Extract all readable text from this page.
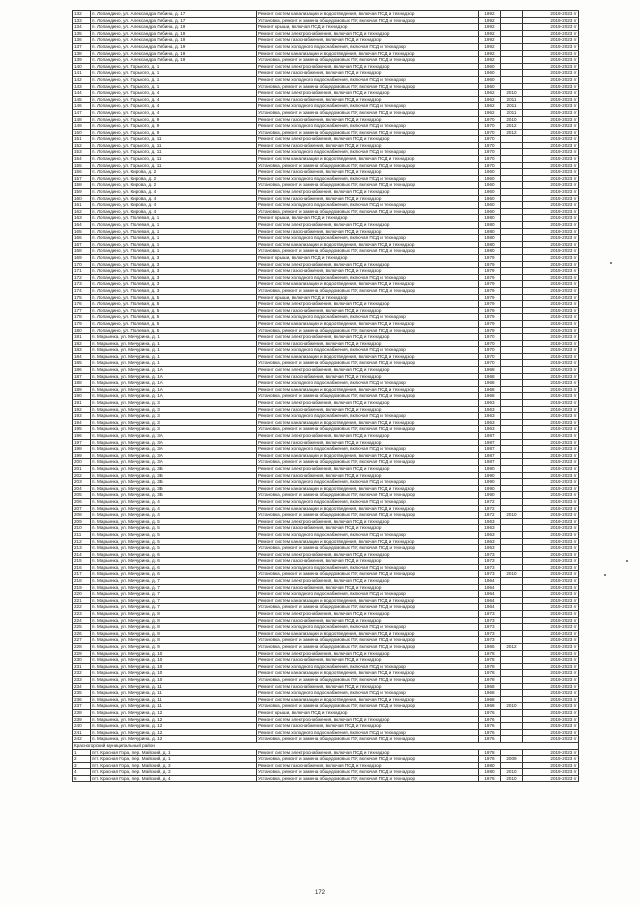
132	п. Лопандино, ул. Александра Гибина, д. 17	Ремонт систем канализации и водоотведения, включая ПСД и технадзор	1992		2019-2023 гг
133	п. Лопандино, ул. Александра Гибина, д. 17	Установка, ремонт и замена общедомовых ПУ, включая ПСД и технадзор	1992		2019-2023 гг
134	п. Лопандино, ул. Александра Гибина, д. 19	Ремонт крыши, включая ПСД и технадзор	1992		2019-2023 гг
135	п. Лопандино, ул. Александра Гибина, д. 19	Ремонт систем электроснабжения, включая ПСД и технадзор	1992		2019-2023 гг
136	п. Лопандино, ул. Александра Гибина, д. 19	Ремонт систем газоснабжения, включая ПСД и технадзор	1992		2019-2023 гг
137	п. Лопандино, ул. Александра Гибина, д. 19	Ремонт систем холодного водоснабжения, включая ПСД и технадзор	1992		2019-2023 гг
138	п. Лопандино, ул. Александра Гибина, д. 19	Ремонт систем канализации и водоотведения, включая ПСД и технадзор	1992		2019-2023 гг
139	п. Лопандино, ул. Александра Гибина, д. 19	Установка, ремонт и замена общедомовых ПУ, включая ПСД и технадзор	1992		2019-2023 гг
140	п. Лопандино, ул. Горького, д. 1	Ремонт систем электроснабжения, включая ПСД и технадзор	1960		2019-2023 гг
141	п. Лопандино, ул. Горького, д. 1	Ремонт систем газоснабжения, включая ПСД и технадзор	1960		2019-2023 гг
142	п. Лопандино, ул. Горького, д. 1	Ремонт систем холодного водоснабжения, включая ПСД и технадзор	1960		2019-2023 гг
143	п. Лопандино, ул. Горького, д. 1	Установка, ремонт и замена общедомовых ПУ, включая ПСД и технадзор	1960		2019-2023 гг
144	п. Лопандино, ул. Горького, д. 4	Ремонт систем электроснабжения, включая ПСД и технадзор	1962	2010	2019-2023 гг
145	п. Лопандино, ул. Горького, д. 4	Ремонт систем газоснабжения, включая ПСД и технадзор	1962	2011	2019-2023 гг
146	п. Лопандино, ул. Горького, д. 4	Ремонт систем холодного водоснабжения, включая ПСД и технадзор	1962	2011	2019-2023 гг
147	п. Лопандино, ул. Горького, д. 4	Установка, ремонт и замена общедомовых ПУ, включая ПСД и технадзор	1962	2011	2019-2023 гг
148	п. Лопандино, ул. Горького, д. 9	Ремонт систем газоснабжения, включая ПСД и технадзор	1970	2010	2019-2023 гг
149	п. Лопандино, ул. Горького, д. 9	Ремонт систем холодного водоснабжения, включая ПСД и технадзор	1970	2012	2019-2023 гг
150	п. Лопандино, ул. Горького, д. 9	Установка, ремонт и замена общедомовых ПУ, включая ПСД и технадзор	1970	2012	2019-2023 гг
151	п. Лопандино, ул. Горького, д. 11	Ремонт систем электроснабжения, включая ПСД и технадзор	1970		2019-2023 гг
152	п. Лопандино, ул. Горького, д. 11	Ремонт систем газоснабжения, включая ПСД и технадзор	1970		2019-2023 гг
153	п. Лопандино, ул. Горького, д. 11	Ремонт систем холодного водоснабжения, включая ПСД и технадзор	1970		2019-2023 гг
154	п. Лопандино, ул. Горького, д. 11	Ремонт систем канализации и водоотведения, включая ПСД и технадзор	1970		2019-2023 гг
155	п. Лопандино, ул. Горького, д. 11	Установка, ремонт и замена общедомовых ПУ, включая ПСД и технадзор	1970		2019-2023 гг
156	п. Лопандино, ул. Кирова, д. 2	Ремонт систем газоснабжения, включая ПСД и технадзор	1960		2019-2023 гг
157	п. Лопандино, ул. Кирова, д. 2	Ремонт систем холодного водоснабжения, включая ПСД и технадзор	1960		2019-2023 гг
158	п. Лопандино, ул. Кирова, д. 2	Установка, ремонт и замена общедомовых ПУ, включая ПСД и технадзор	1960		2019-2023 гг
159	п. Лопандино, ул. Кирова, д. 4	Ремонт систем электроснабжения, включая ПСД и технадзор	1960		2019-2023 гг
160	п. Лопандино, ул. Кирова, д. 4	Ремонт систем газоснабжения, включая ПСД и технадзор	1960		2019-2023 гг
161	п. Лопандино, ул. Кирова, д. 4	Ремонт систем холодного водоснабжения, включая ПСД и технадзор	1960		2019-2023 гг
162	п. Лопандино, ул. Кирова, д. 4	Установка, ремонт и замена общедомовых ПУ, включая ПСД и технадзор	1960		2019-2023 гг
163	п. Лопандино, ул. Полевая, д. 1	Ремонт крыши, включая ПСД и технадзор	1980		2019-2023 гг
164	п. Лопандино, ул. Полевая, д. 1	Ремонт систем электроснабжения, включая ПСД и технадзор	1980		2019-2023 гг
165	п. Лопандино, ул. Полевая, д. 1	Ремонт систем газоснабжения, включая ПСД и технадзор	1980		2019-2023 гг
166	п. Лопандино, ул. Полевая, д. 1	Ремонт систем холодного водоснабжения, включая ПСД и технадзор	1980		2019-2023 гг
167	п. Лопандино, ул. Полевая, д. 1	Ремонт систем канализации и водоотведения, включая ПСД и технадзор	1980		2019-2023 гг
168	п. Лопандино, ул. Полевая, д. 1	Установка, ремонт и замена общедомовых ПУ, включая ПСД и технадзор	1980		2019-2023 гг
169	п. Лопандино, ул. Полевая, д. 3	Ремонт крыши, включая ПСД и технадзор	1979		2019-2023 гг
170	п. Лопандино, ул. Полевая, д. 3	Ремонт систем электроснабжения, включая ПСД и технадзор	1979		2019-2023 гг
171	п. Лопандино, ул. Полевая, д. 3	Ремонт систем газоснабжения, включая ПСД и технадзор	1979		2019-2023 гг
172	п. Лопандино, ул. Полевая, д. 3	Ремонт систем холодного водоснабжения, включая ПСД и технадзор	1979		2019-2023 гг
173	п. Лопандино, ул. Полевая, д. 3	Ремонт систем канализации и водоотведения, включая ПСД и технадзор	1979		2019-2023 гг
174	п. Лопандино, ул. Полевая, д. 3	Установка, ремонт и замена общедомовых ПУ, включая ПСД и технадзор	1979		2019-2023 гг
175	п. Лопандино, ул. Полевая, д. 5	Ремонт крыши, включая ПСД и технадзор	1979		2019-2023 гг
176	п. Лопандино, ул. Полевая, д. 5	Ремонт систем электроснабжения, включая ПСД и технадзор	1979		2019-2023 гг
177	п. Лопандино, ул. Полевая, д. 5	Ремонт систем газоснабжения, включая ПСД и технадзор	1979		2019-2023 гг
178	п. Лопандино, ул. Полевая, д. 5	Ремонт систем холодного водоснабжения, включая ПСД и технадзор	1979		2019-2023 гг
179	п. Лопандино, ул. Полевая, д. 5	Ремонт систем канализации и водоотведения, включая ПСД и технадзор	1979		2019-2023 гг
180	п. Лопандино, ул. Полевая, д. 5	Установка, ремонт и замена общедомовых ПУ, включая ПСД и технадзор	1979		2019-2023 гг
181	п. Марьинка, ул. Мичурина, д. 1	Ремонт систем электроснабжения, включая ПСД и технадзор	1970		2019-2023 гг
182	п. Марьинка, ул. Мичурина, д. 1	Ремонт систем газоснабжения, включая ПСД и технадзор	1970		2019-2023 гг
183	п. Марьинка, ул. Мичурина, д. 1	Ремонт систем холодного водоснабжения, включая ПСД и технадзор	1970		2019-2023 гг
184	п. Марьинка, ул. Мичурина, д. 1	Ремонт систем канализации и водоотведения, включая ПСД и технадзор	1970		2019-2023 гг
185	п. Марьинка, ул. Мичурина, д. 1	Установка, ремонт и замена общедомовых ПУ, включая ПСД и технадзор	1970		2019-2023 гг
186	п. Марьинка, ул. Мичурина, д. 1А	Ремонт систем электроснабжения, включая ПСД и технадзор	1968		2019-2023 гг
187	п. Марьинка, ул. Мичурина, д. 1А	Ремонт систем газоснабжения, включая ПСД и технадзор	1968		2019-2023 гг
188	п. Марьинка, ул. Мичурина, д. 1А	Ремонт систем холодного водоснабжения, включая ПСД и технадзор	1968		2019-2023 гг
189	п. Марьинка, ул. Мичурина, д. 1А	Ремонт систем канализации и водоотведения, включая ПСД и технадзор	1968		2019-2023 гг
190	п. Марьинка, ул. Мичурина, д. 1А	Установка, ремонт и замена общедомовых ПУ, включая ПСД и технадзор	1968		2019-2023 гг
191	п. Марьинка, ул. Мичурина, д. 3	Ремонт систем электроснабжения, включая ПСД и технадзор	1963		2019-2023 гг
192	п. Марьинка, ул. Мичурина, д. 3	Ремонт систем газоснабжения, включая ПСД и технадзор	1963		2019-2023 гг
193	п. Марьинка, ул. Мичурина, д. 3	Ремонт систем холодного водоснабжения, включая ПСД и технадзор	1963		2019-2023 гг
194	п. Марьинка, ул. Мичурина, д. 3	Ремонт систем канализации и водоотведения, включая ПСД и технадзор	1963		2019-2023 гг
195	п. Марьинка, ул. Мичурина, д. 3	Установка, ремонт и замена общедомовых ПУ, включая ПСД и технадзор	1963		2019-2023 гг
196	п. Марьинка, ул. Мичурина, д. 3А	Ремонт систем электроснабжения, включая ПСД и технадзор	1987		2019-2023 гг
197	п. Марьинка, ул. Мичурина, д. 3А	Ремонт систем газоснабжения, включая ПСД и технадзор	1987		2019-2023 гг
198	п. Марьинка, ул. Мичурина, д. 3А	Ремонт систем холодного водоснабжения, включая ПСД и технадзор	1987		2019-2023 гг
199	п. Марьинка, ул. Мичурина, д. 3А	Ремонт систем канализации и водоотведения, включая ПСД и технадзор	1987		2019-2023 гг
200	п. Марьинка, ул. Мичурина, д. 3А	Установка, ремонт и замена общедомовых ПУ, включая ПСД и технадзор	1987		2019-2023 гг
201	п. Марьинка, ул. Мичурина, д. 3Б	Ремонт систем электроснабжения, включая ПСД и технадзор	1990		2019-2023 гг
202	п. Марьинка, ул. Мичурина, д. 3Б	Ремонт систем газоснабжения, включая ПСД и технадзор	1990		2019-2023 гг
203	п. Марьинка, ул. Мичурина, д. 3Б	Ремонт систем холодного водоснабжения, включая ПСД и технадзор	1990		2019-2023 гг
204	п. Марьинка, ул. Мичурина, д. 3Б	Ремонт систем канализации и водоотведения, включая ПСД и технадзор	1990		2019-2023 гг
205	п. Марьинка, ул. Мичурина, д. 3Б	Установка, ремонт и замена общедомовых ПУ, включая ПСД и технадзор	1990		2019-2023 гг
206	п. Марьинка, ул. Мичурина, д. 4	Ремонт систем холодного водоснабжения, включая ПСД и технадзор	1972		2019-2023 гг
207	п. Марьинка, ул. Мичурина, д. 4	Ремонт систем канализации и водоотведения, включая ПСД и технадзор	1972		2019-2023 гг
208	п. Марьинка, ул. Мичурина, д. 4	Установка, ремонт и замена общедомовых ПУ, включая ПСД и технадзор	1972	2010	2019-2023 гг
209	п. Марьинка, ул. Мичурина, д. 5	Ремонт систем электроснабжения, включая ПСД и технадзор	1963		2019-2023 гг
210	п. Марьинка, ул. Мичурина, д. 5	Ремонт систем газоснабжения, включая ПСД и технадзор	1963		2019-2023 гг
211	п. Марьинка, ул. Мичурина, д. 5	Ремонт систем холодного водоснабжения, включая ПСД и технадзор	1963		2019-2023 гг
212	п. Марьинка, ул. Мичурина, д. 5	Ремонт систем канализации и водоотведения, включая ПСД и технадзор	1963		2019-2023 гг
213	п. Марьинка, ул. Мичурина, д. 5	Установка, ремонт и замена общедомовых ПУ, включая ПСД и технадзор	1963		2019-2023 гг
214	п. Марьинка, ул. Мичурина, д. 6	Ремонт систем электроснабжения, включая ПСД и технадзор	1973		2019-2023 гг
215	п. Марьинка, ул. Мичурина, д. 6	Ремонт систем газоснабжения, включая ПСД и технадзор	1973		2019-2023 гг
216	п. Марьинка, ул. Мичурина, д. 6	Ремонт систем холодного водоснабжения, включая ПСД и технадзор	1973		2019-2023 гг
217	п. Марьинка, ул. Мичурина, д. 6	Установка, ремонт и замена общедомовых ПУ, включая ПСД и технадзор	1973	2010	2019-2023 гг
218	п. Марьинка, ул. Мичурина, д. 7	Ремонт систем электроснабжения, включая ПСД и технадзор	1964		2019-2023 гг
219	п. Марьинка, ул. Мичурина, д. 7	Ремонт систем газоснабжения, включая ПСД и технадзор	1964		2019-2023 гг
220	п. Марьинка, ул. Мичурина, д. 7	Ремонт систем холодного водоснабжения, включая ПСД и технадзор	1964		2019-2023 гг
221	п. Марьинка, ул. Мичурина, д. 7	Ремонт систем канализации и водоотведения, включая ПСД и технадзор	1964		2019-2023 гг
222	п. Марьинка, ул. Мичурина, д. 7	Установка, ремонт и замена общедомовых ПУ, включая ПСД и технадзор	1964		2019-2023 гг
223	п. Марьинка, ул. Мичурина, д. 8	Ремонт систем электроснабжения, включая ПСД и технадзор	1973		2019-2023 гг
224	п. Марьинка, ул. Мичурина, д. 8	Ремонт систем газоснабжения, включая ПСД и технадзор	1973		2019-2023 гг
225	п. Марьинка, ул. Мичурина, д. 8	Ремонт систем холодного водоснабжения, включая ПСД и технадзор	1973		2019-2023 гг
226	п. Марьинка, ул. Мичурина, д. 8	Ремонт систем канализации и водоотведения, включая ПСД и технадзор	1973		2019-2023 гг
227	п. Марьинка, ул. Мичурина, д. 8	Установка, ремонт и замена общедомовых ПУ, включая ПСД и технадзор	1973		2019-2023 гг
228	п. Марьинка, ул. Мичурина, д. 9	Установка, ремонт и замена общедомовых ПУ, включая ПСД и технадзор	1966	2012	2019-2023 гг
229	п. Марьинка, ул. Мичурина, д. 10	Ремонт систем электроснабжения, включая ПСД и технадзор	1978		2019-2023 гг
230	п. Марьинка, ул. Мичурина, д. 10	Ремонт систем газоснабжения, включая ПСД и технадзор	1978		2019-2023 гг
231	п. Марьинка, ул. Мичурина, д. 10	Ремонт систем холодного водоснабжения, включая ПСД и технадзор	1978		2019-2023 гг
232	п. Марьинка, ул. Мичурина, д. 10	Ремонт систем канализации и водоотведения, включая ПСД и технадзор	1978		2019-2023 гг
233	п. Марьинка, ул. Мичурина, д. 10	Установка, ремонт и замена общедомовых ПУ, включая ПСД и технадзор	1978		2019-2023 гг
234	п. Марьинка, ул. Мичурина, д. 11	Ремонт систем газоснабжения, включая ПСД и технадзор	1968		2019-2023 гг
235	п. Марьинка, ул. Мичурина, д. 11	Ремонт систем холодного водоснабжения, включая ПСД и технадзор	1968		2019-2023 гг
236	п. Марьинка, ул. Мичурина, д. 11	Ремонт систем канализации и водоотведения, включая ПСД и технадзор	1968		2019-2023 гг
237	п. Марьинка, ул. Мичурина, д. 11	Установка, ремонт и замена общедомовых ПУ, включая ПСД и технадзор	1968	2010	2019-2023 гг
238	п. Марьинка, ул. Мичурина, д. 12	Ремонт крыши, включая ПСД и технадзор	1976		2019-2023 гг
239	п. Марьинка, ул. Мичурина, д. 12	Ремонт систем электроснабжения, включая ПСД и технадзор	1976		2019-2023 гг
240	п. Марьинка, ул. Мичурина, д. 12	Ремонт систем газоснабжения, включая ПСД и технадзор	1976		2019-2023 гг
241	п. Марьинка, ул. Мичурина, д. 12	Ремонт систем холодного водоснабжения, включая ПСД и технадзор	1976		2019-2023 гг
242	п. Марьинка, ул. Мичурина, д. 12	Установка, ремонт и замена общедомовых ПУ, включая ПСД и технадзор	1976		2019-2023 гг
Красногорский муниципальный район					
1	пгт. Красная Гора, пер. Майский, д. 1	Ремонт систем электроснабжения, включая ПСД и технадзор	1978		2019-2023 гг
2	пгт. Красная Гора, пер. Майский, д. 1	Установка, ремонт и замена общедомовых ПУ, включая ПСД и технадзор	1978	2009	2019-2023 гг
3	пгт. Красная Гора, пер. Майский, д. 3	Ремонт систем газоснабжения, включая ПСД и технадзор	1980		2019-2023 гг
4	пгт. Красная Гора, пер. Майский, д. 3	Установка, ремонт и замена общедомовых ПУ, включая ПСД и технадзор	1980	2010	2019-2023 гг
5	пгт. Красная Гора, пер. Майский, д. 4	Установка, ремонт и замена общедомовых ПУ, включая ПСД и технадзор	1978	2010	2019-2023 гг
172
